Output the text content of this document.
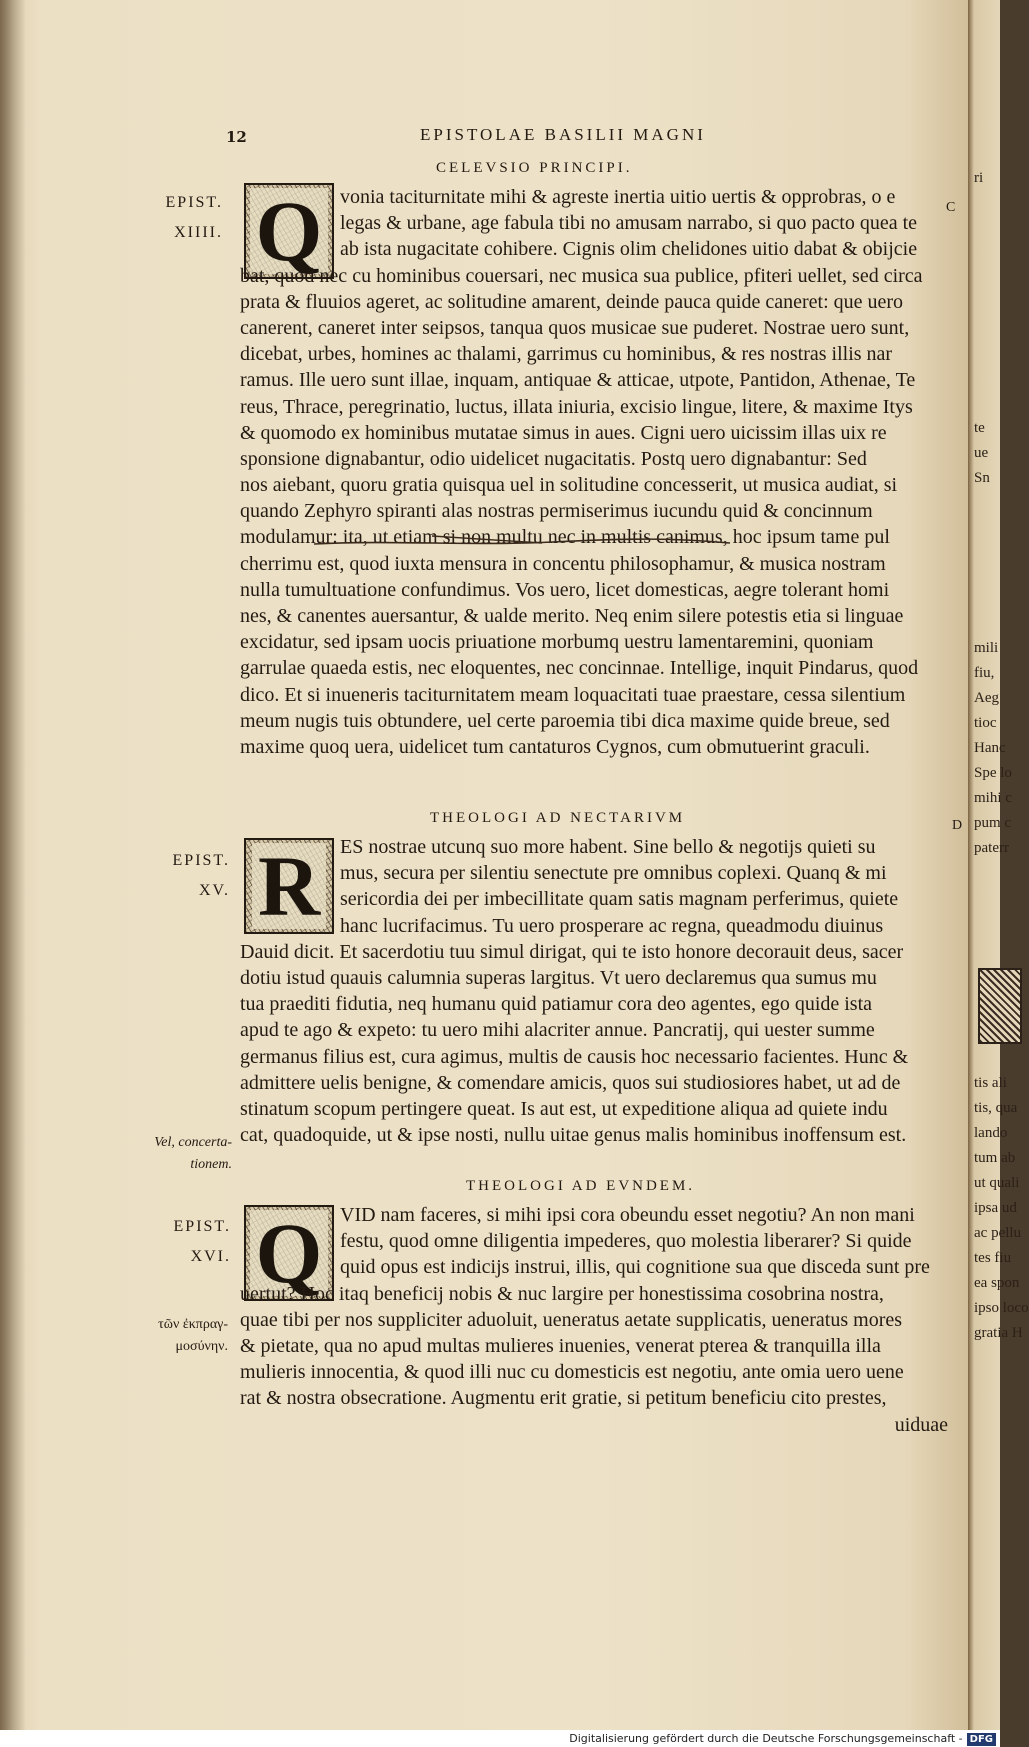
12	EPISTOLAE BASILII MAGNI
CELEVSIO PRINCIPI.
EPIST.
XIIII. Q	C
D
vonia taciturnitate mihi & agreste inertia uitio uertis & opprobras, o e
legas & urbane, age fabula tibi no amusam narrabo, si quo pacto quea te
ab ista nugacitate cohibere. Cignis olim chelidones uitio dabat & obijcie
bat, quod nec cu hominibus couersari, nec musica sua publice, pfiteri uellet, sed circa
prata & fluuios ageret, ac solitudine amarent, deinde pauca quide caneret: que uero
canerent, caneret inter seipsos, tanqua quos musicae sue puderet. Nostrae uero sunt,
dicebat, urbes, homines ac thalami, garrimus cu hominibus, & res nostras illis nar
ramus. Ille uero sunt illae, inquam, antiquae & atticae, utpote, Pantidon, Athenae, Te
reus, Thrace, peregrinatio, luctus, illata iniuria, excisio lingue, litere, & maxime Itys
& quomodo ex hominibus mutatae simus in aues. Cigni uero uicissim illas uix re
sponsione dignabantur, odio uidelicet nugacitatis. Postq uero dignabantur: Sed
nos aiebant, quoru gratia quisqua uel in solitudine concesserit, ut musica audiat, si
quando Zephyro spiranti alas nostras permiserimus iucundu quid & concinnum
modulamur: ita, ut etiam si non multu nec in multis canimus, hoc ipsum tame pul
cherrimu est, quod iuxta mensura in concentu philosophamur, & musica nostram
nulla tumultuatione confundimus. Vos uero, licet domesticas, aegre tolerant homi
nes, & canentes auersantur, & ualde merito. Neq enim silere potestis etia si linguae
excidatur, sed ipsam uocis priuatione morbumq uestru lamentaremini, quoniam
garrulae quaeda estis, nec eloquentes, nec concinnae. Intellige, inquit Pindarus, quod
dico. Et si inueneris taciturnitatem meam loquacitati tuae praestare, cessa silentium
meum nugis tuis obtundere, uel certe paroemia tibi dica maxime quide breue, sed
maxime quoq uera, uidelicet tum cantaturos Cygnos, cum obmutuerint graculi.
THEOLOGI AD NECTARIVM
EPIST.
XV. R ES nostrae utcunq suo more habent. Sine bello & negotijs quieti su
mus, secura per silentiu senectute pre omnibus coplexi. Quanq & mi
sericordia dei per imbecillitate quam satis magnam perferimus, quiete
hanc lucrifacimus. Tu uero prosperare ac regna, queadmodu diuinus
Dauid dicit. Et sacerdotiu tuu simul dirigat, qui te isto honore decorauit deus, sacer
dotiu istud quauis calumnia superas largitus. Vt uero declaremus qua sumus mu
tua praediti fidutia, neq humanu quid patiamur cora deo agentes, ego quide ista
apud te ago & expeto: tu uero mihi alacriter annue. Pancratij, qui uester summe
germanus filius est, cura agimus, multis de causis hoc necessario facientes. Hunc &
admittere uelis benigne, & comendare amicis, quos sui studiosiores habet, ut ad de
stinatum scopum pertingere queat. Is aut est, ut expeditione aliqua ad quiete indu
cat, quadoquide, ut & ipse nosti, nullu uitae genus malis hominibus inoffensum est.
Vel, concerta-
tionem.
THEOLOGI AD EVNDEM.
EPIST.
XVI. Q VID nam faceres, si mihi ipsi cora obeundu esset negotiu? An non mani
festu, quod omne diligentia impederes, quo molestia liberarer? Si quide
quid opus est indicijs instrui, illis, qui cognitione sua que discedа sunt pre
uertut? Hoc itaq beneficij nobis & nuc largire per honestissima cosobrina nostra,
quae tibi per nos suppliciter aduoluit, ueneratus aetate supplicatis, ueneratus mores
& pietate, qua no apud multas mulieres inuenies, venerat pterea & tranquilla illa
mulieris innocentia, & quod illi nuc cu domesticis est negotiu, ante omia uero uene
rat & nostra obsecratione. Augmentu erit gratie, si petitum beneficiu cito prestes,
uiduae
τῶν ἐκπραγ-
μοσύνην.
ri
te
ue
Sn
mili
fiu,
Aeg
tioc
Hanc
Spe lo
mihi c
pum c
paterr
tis ali
tis, qua
lando
tum ab
ut quali
ipsa ud
ac pellu
tes fiu
ea spon
ipso loco
gratia H
Digitalisierung gefördert durch die Deutsche Forschungsgemeinschaft - DFG
